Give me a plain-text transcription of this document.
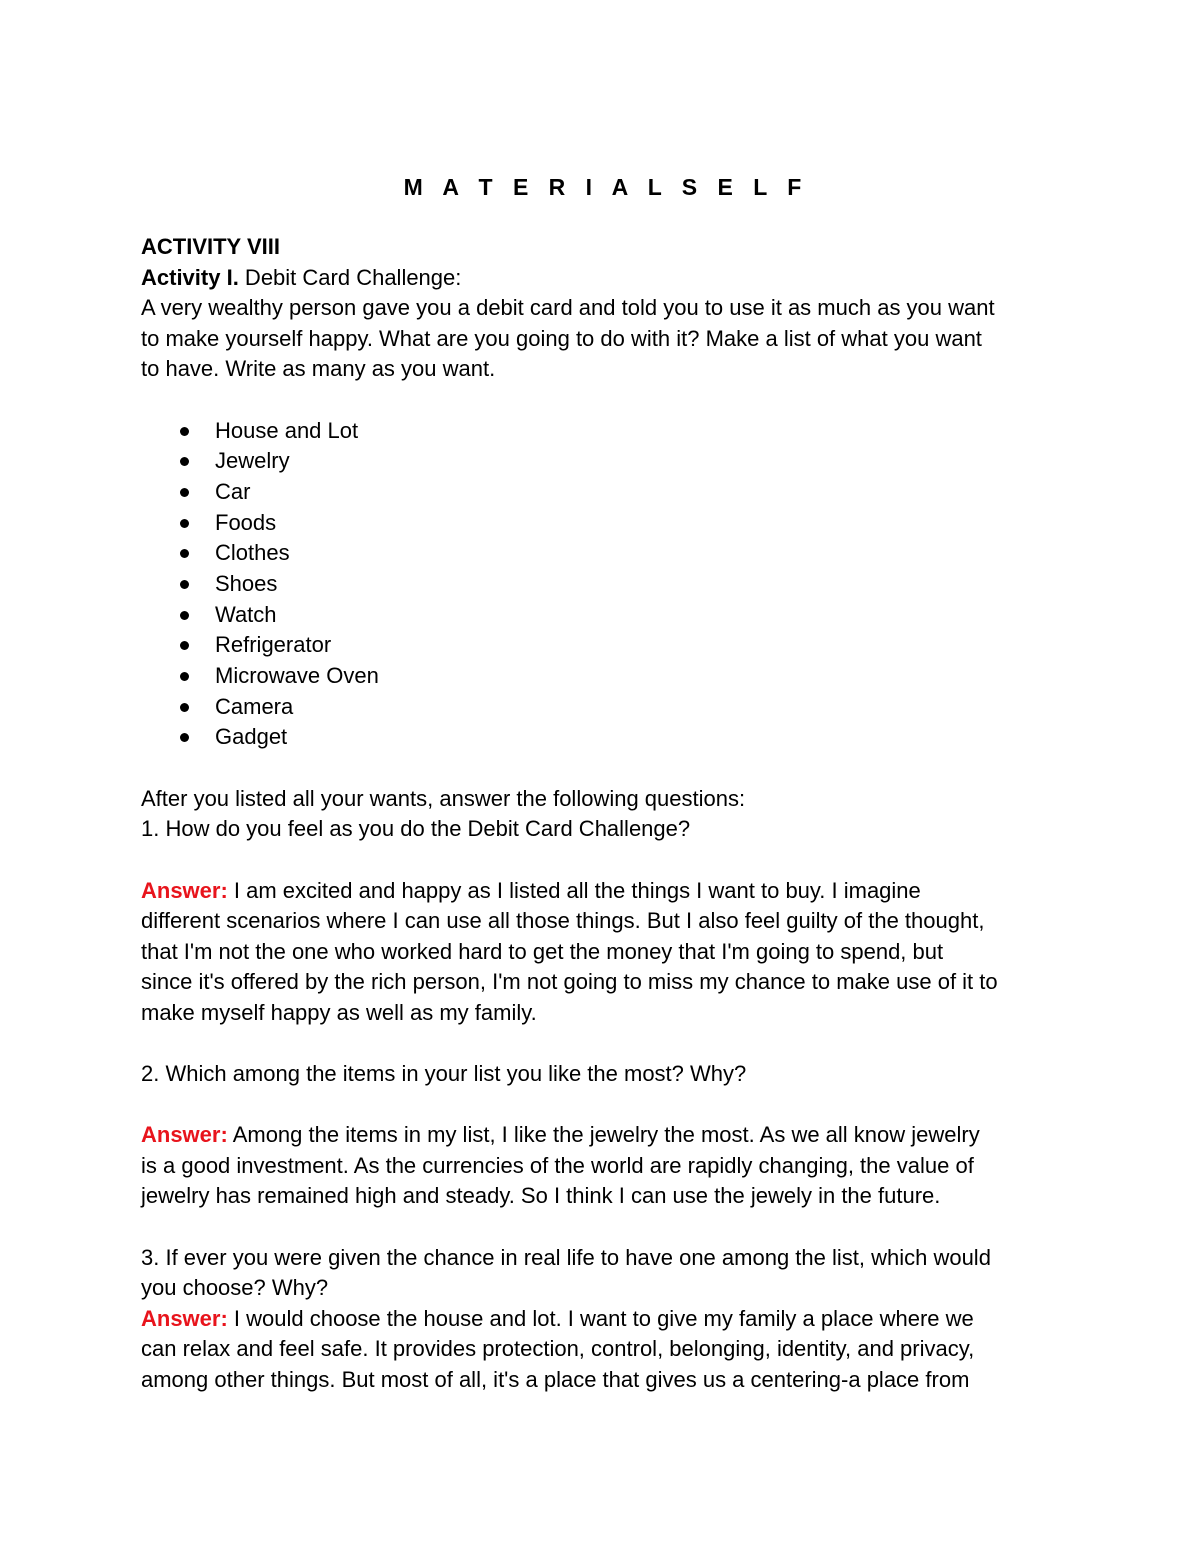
M A T E R I A L S E L F
ACTIVITY VIII
Activity I. Debit Card Challenge:
A very wealthy person gave you a debit card and told you to use it as much as you want
to make yourself happy. What are you going to do with it? Make a list of what you want
to have. Write as many as you want.
House and Lot
Jewelry
Car
Foods
Clothes
Shoes
Watch
Refrigerator
Microwave Oven
Camera
Gadget
After you listed all your wants, answer the following questions:
1. How do you feel as you do the Debit Card Challenge?
Answer: I am excited and happy as I listed all the things I want to buy. I imagine
different scenarios where I can use all those things. But I also feel guilty of the thought,
that I'm not the one who worked hard to get the money that I'm going to spend, but
since it's offered by the rich person, I'm not going to miss my chance to make use of it to
make myself happy as well as my family.
2. Which among the items in your list you like the most? Why?
Answer: Among the items in my list, I like the jewelry the most. As we all know jewelry
is a good investment. As the currencies of the world are rapidly changing, the value of
jewelry has remained high and steady. So I think I can use the jewely in the future.
3. If ever you were given the chance in real life to have one among the list, which would
you choose? Why?
Answer: I would choose the house and lot. I want to give my family a place where we
can relax and feel safe. It provides protection, control, belonging, identity, and privacy,
among other things. But most of all, it's a place that gives us a centering-a place from
